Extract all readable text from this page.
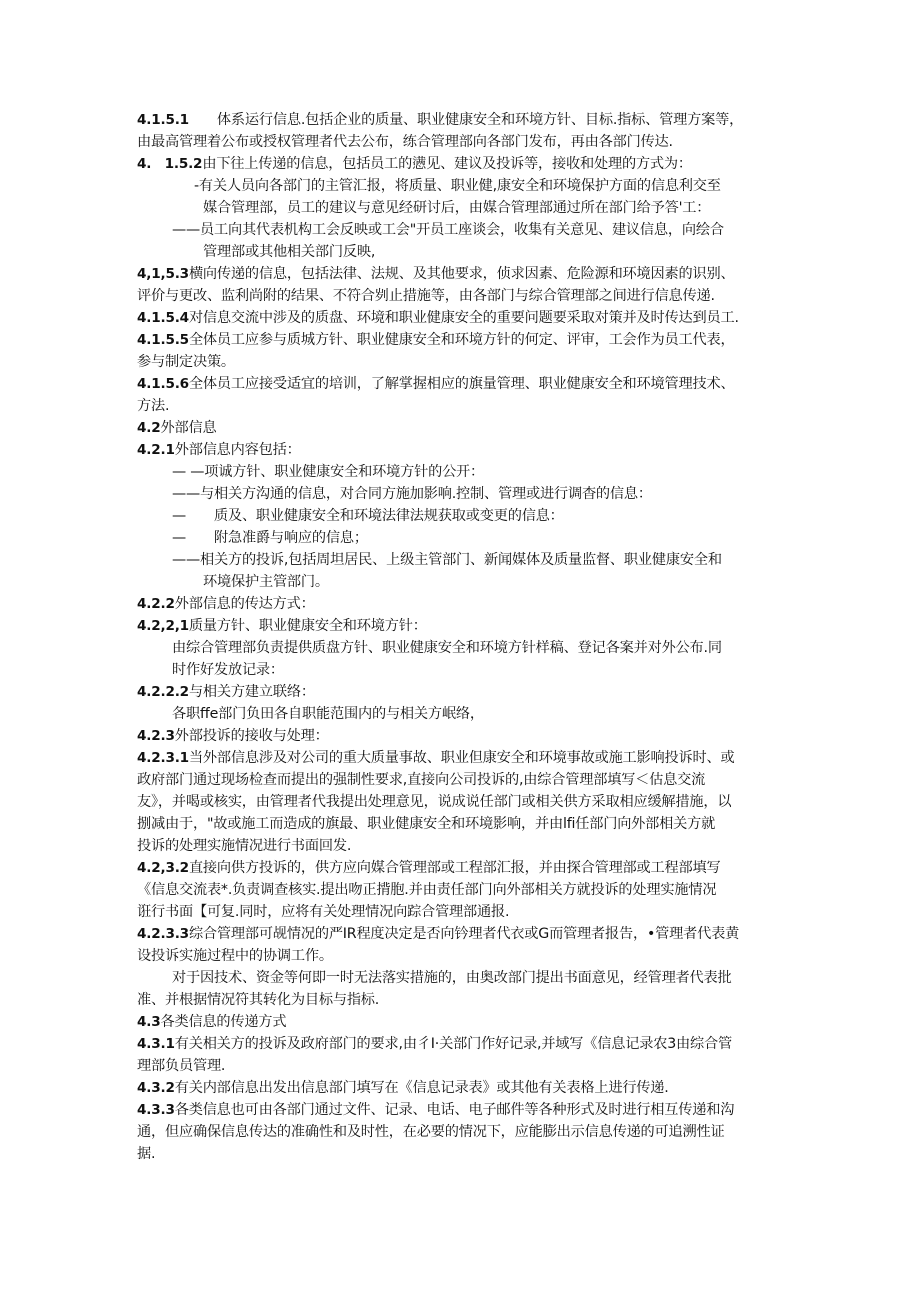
4.1.5.1　　体系运行信息.包括企业的质量、职业健康安全和环境方针、目标.指标、管理方案等，
由最高管理着公布或授权管理者代去公布，练合管理部向各部门发布，再由各部门传达.
4.　1.5.2由下往上传递的信息，包括员工的懑见、建议及投诉等，接收和处理的方式为：
-有关人员向各部门的主管汇报，将质量、职业健,康安全和环境保护方面的信息利交至
媒合管理部，员工的建议与意见经研讨后，由媒合管理部通过所在部门给予答'工：
——员工向其代表机构工会反映或工会"开员工座谈会，收集有关意见、建议信息，向绘合
管理部或其他相关部门反映,
4,1,5.3横向传递的信息，包括法律、法规、及其他要求，侦求因素、危险源和环境因素的识别、
评价与更改、监利尚附的结果、不符合刿止措施等，由各部门与综合管理部之间进行信息传递.
4.1.5.4对信息交流中涉及的质盘、环境和职业健康安全的重要问题要采取对策并及时传达到员工.
4.1.5.5全体员工应参与质城方针、职业健康安全和环境方针的何定、评审，工会作为员工代表，
参与制定决策。
4.1.5.6全体员工应接受适宜的培训，了解掌握相应的旗量管理、职业健康安全和环境管理技术、
方法.
4.2外部信息
4.2.1外部信息内容包括：
— —项诚方针、职业健康安全和环境方针的公开：
——与相关方沟通的信息，对合同方施加影响.控制、管理或进行调杳的信息：
—　　质及、职业健康安全和环境法律法规获取或变更的信息：
—　　附急准爵与响应的信息；
——相关方的投诉,包括周坦居民、上级主管部门、新闻媒体及质量监督、职业健康安全和
环境保护主管部门。
4.2.2外部信息的传达方式：
4.2,2,1质量方针、职业健康安全和环境方针：
由综合管理部负责提供质盘方针、职业健康安全和环境方针样稿、登记各案并对外公布.同
时作好发放记录：
4.2.2.2与相关方建立联络：
各职ffe部门负田各自职能范围内的与相关方岷络，
4.2.3外部投诉的接收与处理：
4.2.3.1当外部信息涉及对公司的重大质量事故、职业但康安全和环境事故或施工影响投诉时、或
政府部门通过现场检查而提出的强制性要求,直接向公司投诉的,由综合管理部填写＜估息交流
友》，并喝或核实，由管理者代我提出处理意见，说成说任部门或相关供方采取相应缓解措施，以
捌减由于，"故或施工而造成的旗最、职业健康安全和环境影响，并由lfi任部门向外部相关方就
投诉的处理实施情况进行书面回发.
4.2,3.2直接向供方投诉的，供方应向媒合管理部或工程部汇报，并由探合管理部或工程部填写
《信息交流表*.负责调查核实.提出吻正揹胞.并由责任部门向外部相关方就投诉的处理实施情况
诳行书面【可复.同时，应将有关处理情况向踪合管理部通报.
4.2.3.3综合管理部可觇情况的严IR程度决定是否向钤理者代衣或G而管理者报告，•管理者代表黄
设投诉实施过程中的协调工作。
对于因技术、资金等何即一时无法落实措施的，由奥改部门提出书面意见，经管理者代表批
准、并根据情况符其转化为目标与指标.
4.3各类信息的传递方式
4.3.1有关相关方的投诉及政府部门的要求,由彳I·关部门作好记录,并域写《信息记录农3由综合管
理部负员管理.
4.3.2有关内部信息出发出信息部门填写在《信息记录表》或其他有关表格上进行传递.
4.3.3各类信息也可由各部门通过文件、记录、电话、电子邮件等各种形式及时进行相互传递和沟
通，但应确保信息传达的准确性和及时性，在必要的情况下，应能膨出示信息传递的可追溯性证
据.
